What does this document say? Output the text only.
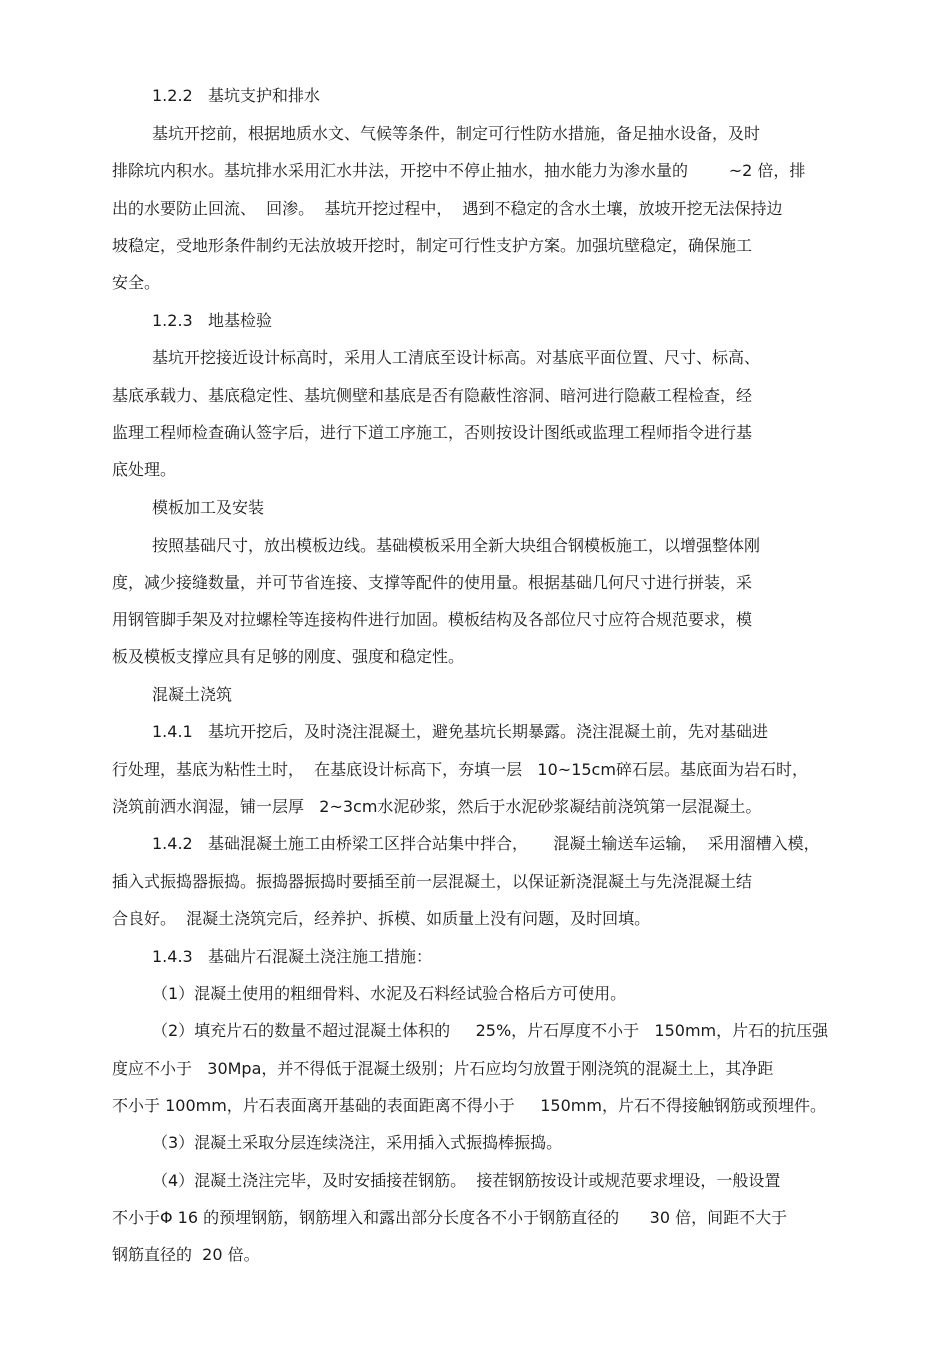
1.2.2   基坑支护和排水
基坑开挖前，根据地质水文、气候等条件，制定可行性防水措施，备足抽水设备，及时
排除坑内积水。基坑排水采用汇水井法，开挖中不停止抽水，抽水能力为渗水量的        ~2 倍，排
出的水要防止回流、  回渗。  基坑开挖过程中，  遇到不稳定的含水土壤，放坡开挖无法保持边
坡稳定，受地形条件制约无法放坡开挖时，制定可行性支护方案。加强坑壁稳定，确保施工
安全。
1.2.3   地基检验
基坑开挖接近设计标高时，采用人工清底至设计标高。对基底平面位置、尺寸、标高、
基底承载力、基底稳定性、基坑侧壁和基底是否有隐蔽性溶洞、暗河进行隐蔽工程检查，经
监理工程师检查确认签字后，进行下道工序施工，否则按设计图纸或监理工程师指令进行基
底处理。
模板加工及安装
按照基础尺寸，放出模板边线。基础模板采用全新大块组合钢模板施工，以增强整体刚
度，减少接缝数量，并可节省连接、支撑等配件的使用量。根据基础几何尺寸进行拼装，采
用钢管脚手架及对拉螺栓等连接构件进行加固。模板结构及各部位尺寸应符合规范要求，模
板及模板支撑应具有足够的刚度、强度和稳定性。
混凝土浇筑
1.4.1   基坑开挖后，及时浇注混凝土，避免基坑长期暴露。浇注混凝土前，先对基础进
行处理，基底为粘性土时，  在基底设计标高下，夯填一层   10~15cm碎石层。基底面为岩石时，
浇筑前洒水润湿，铺一层厚   2~3cm水泥砂浆，然后于水泥砂浆凝结前浇筑第一层混凝土。
1.4.2   基础混凝土施工由桥梁工区拌合站集中拌合，     混凝土输送车运输，  采用溜槽入模，
插入式振捣器振捣。振捣器振捣时要插至前一层混凝土，以保证新浇混凝土与先浇混凝土结
合良好。  混凝土浇筑完后，经养护、拆模、如质量上没有问题，及时回填。
1.4.3   基础片石混凝土浇注施工措施：
（1）混凝土使用的粗细骨料、水泥及石料经试验合格后方可使用。
（2）填充片石的数量不超过混凝土体积的     25%，片石厚度不小于   150mm，片石的抗压强
度应不小于   30Mpa，并不得低于混凝土级别；片石应均匀放置于刚浇筑的混凝土上，其净距
不小于 100mm，片石表面离开基础的表面距离不得小于     150mm，片石不得接触钢筋或预埋件。
（3）混凝土采取分层连续浇注，采用插入式振捣棒振捣。
（4）混凝土浇注完毕，及时安插接茬钢筋。  接茬钢筋按设计或规范要求埋设，一般设置
不小于Φ 16 的预埋钢筋，钢筋埋入和露出部分长度各不小于钢筋直径的      30 倍，间距不大于
钢筋直径的  20 倍。
